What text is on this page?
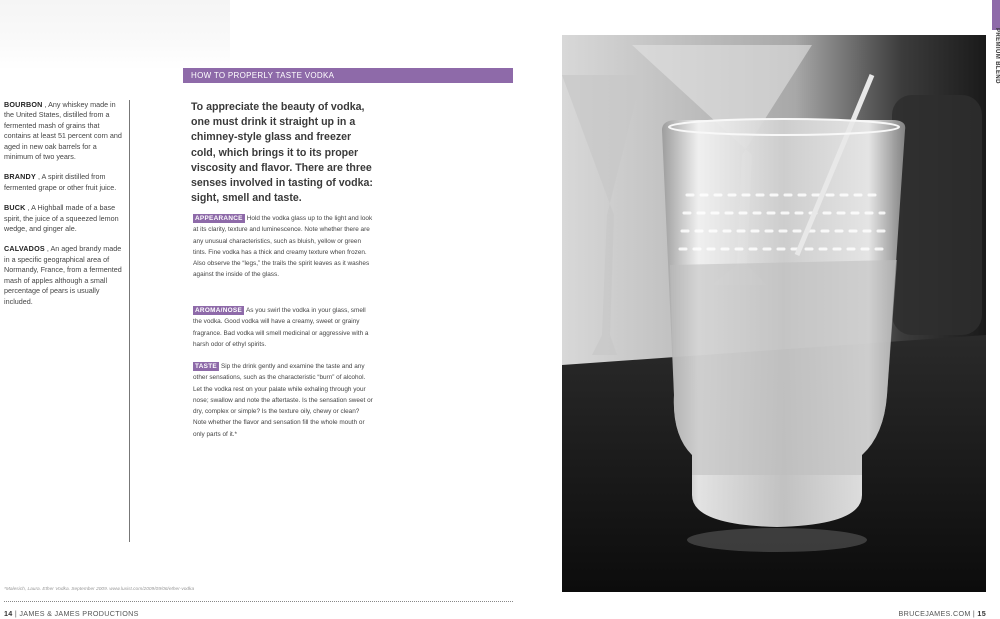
BOURBON , Any whiskey made in the United States, distilled from a fermented mash of grains that contains at least 51 percent corn and aged in new oak barrels for a minimum of two years.
BRANDY , A spirit distilled from fermented grape or other fruit juice.
BUCK , A Highball made of a base spirit, the juice of a squeezed lemon wedge, and ginger ale.
CALVADOS , An aged brandy made in a specific geographical area of Normandy, France, from a fermented mash of apples although a small percentage of pears is usually included.
HOW TO PROPERLY TASTE VODKA
To appreciate the beauty of vodka, one must drink it straight up in a chimney-style glass and freezer cold, which brings it to its proper viscosity and flavor. There are three senses involved in tasting of vodka: sight, smell and taste.
APPEARANCE Hold the vodka glass up to the light and look at its clarity, texture and luminescence. Note whether there are any unusual characteristics, such as bluish, yellow or green tints. Fine vodka has a thick and creamy texture when frozen. Also observe the “legs,” the trails the spirit leaves as it washes against the inside of the glass.
AROMA/NOSE As you swirl the vodka in your glass, smell the vodka. Good vodka will have a creamy, sweet or grainy fragrance. Bad vodka will smell medicinal or aggressive with a harsh odor of ethyl spirits.
TASTE Sip the drink gently and examine the taste and any other sensations, such as the characteristic “burn” of alcohol. Let the vodka rest on your palate while exhaling through your nose; swallow and note the aftertaste. Is the sensation sweet or dry, complex or simple? Is the texture oily, chewy or clean? Note whether the flavor and sensation fill the whole mouth or only parts of it.*
PREMIUM BLEND
*Malesich, Laura. Ether Vodka. September 2009. www.luxist.com/2009/09/06/ether-vodka
14 | JAMES & JAMES PRODUCTIONS	BRUCEJAMES.COM | 15
